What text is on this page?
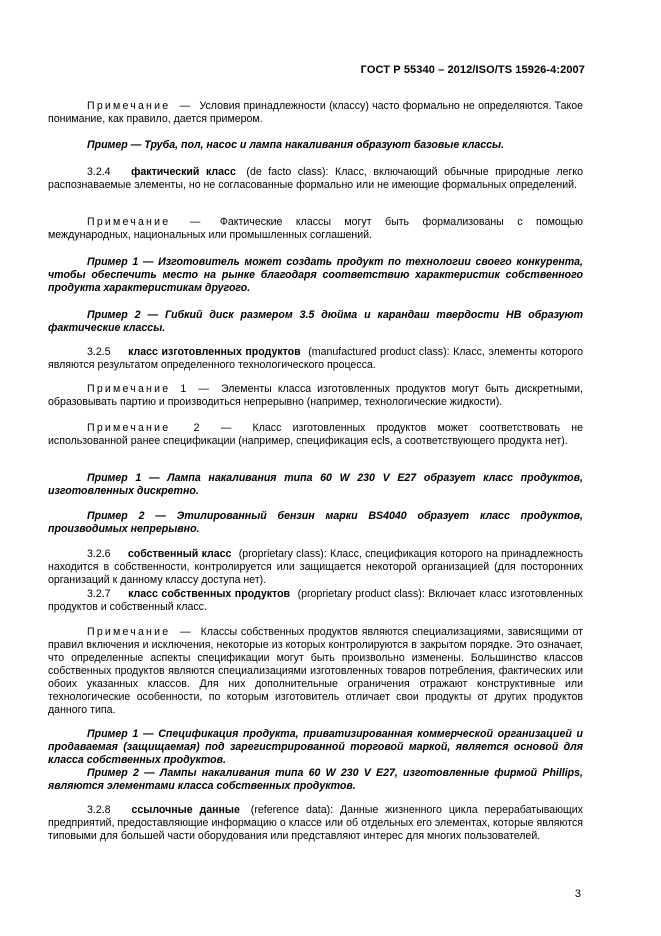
ГОСТ Р 55340 – 2012/ISO/TS 15926-4:2007
Примечание — Условия принадлежности (классу) часто формально не определяются. Такое понимание, как правило, дается примером.
Пример — Труба, пол, насос и лампа накаливания образуют базовые классы.
3.2.4 фактический класс (de facto class): Класс, включающий обычные природные легко распознаваемые элементы, но не согласованные формально или не имеющие формальных определений.
Примечание — Фактические классы могут быть формализованы с помощью международных, национальных или промышленных соглашений.
Пример 1 — Изготовитель может создать продукт по технологии своего конкурента, чтобы обеспечить место на рынке благодаря соответствию характеристик собственного продукта характеристикам другого.
Пример 2 — Гибкий диск размером 3.5 дюйма и карандаш твердости HB образуют фактические классы.
3.2.5 класс изготовленных продуктов (manufactured product class): Класс, элементы которого являются результатом определенного технологического процесса.
Примечание 1 — Элементы класса изготовленных продуктов могут быть дискретными, образовывать партию и производиться непрерывно (например, технологические жидкости).
Примечание 2 — Класс изготовленных продуктов может соответствовать не использованной ранее спецификации (например, спецификация ecls, а соответствующего продукта нет).
Пример 1 — Лампа накаливания типа 60 W 230 V E27 образует класс продуктов, изготовленных дискретно.
Пример 2 — Этилированный бензин марки BS4040 образует класс продуктов, производимых непрерывно.
3.2.6 собственный класс (proprietary class): Класс, спецификация которого на принадлежность находится в собственности, контролируется или защищается некоторой организацией (для посторонних организаций к данному классу доступа нет).
3.2.7 класс собственных продуктов (proprietary product class): Включает класс изготовленных продуктов и собственный класс.
Примечание — Классы собственных продуктов являются специализациями, зависящими от правил включения и исключения, некоторые из которых контролируются в закрытом порядке. Это означает, что определенные аспекты спецификации могут быть произвольно изменены. Большинство классов собственных продуктов являются специализациями изготовленных товаров потребления, фактических или обоих указанных классов. Для них дополнительные ограничения отражают конструктивные или технологические особенности, по которым изготовитель отличает свои продукты от других продуктов данного типа.
Пример 1 — Спецификация продукта, приватизированная коммерческой организацией и продаваемая (защищаемая) под зарегистрированной торговой маркой, является основой для класса собственных продуктов.
Пример 2 — Лампы накаливания типа 60 W 230 V E27, изготовленные фирмой Phillips, являются элементами класса собственных продуктов.
3.2.8 ссылочные данные (reference data): Данные жизненного цикла перерабатывающих предприятий, предоставляющие информацию о классе или об отдельных его элементах, которые являются типовыми для большей части оборудования или представляют интерес для многих пользователей.
3
